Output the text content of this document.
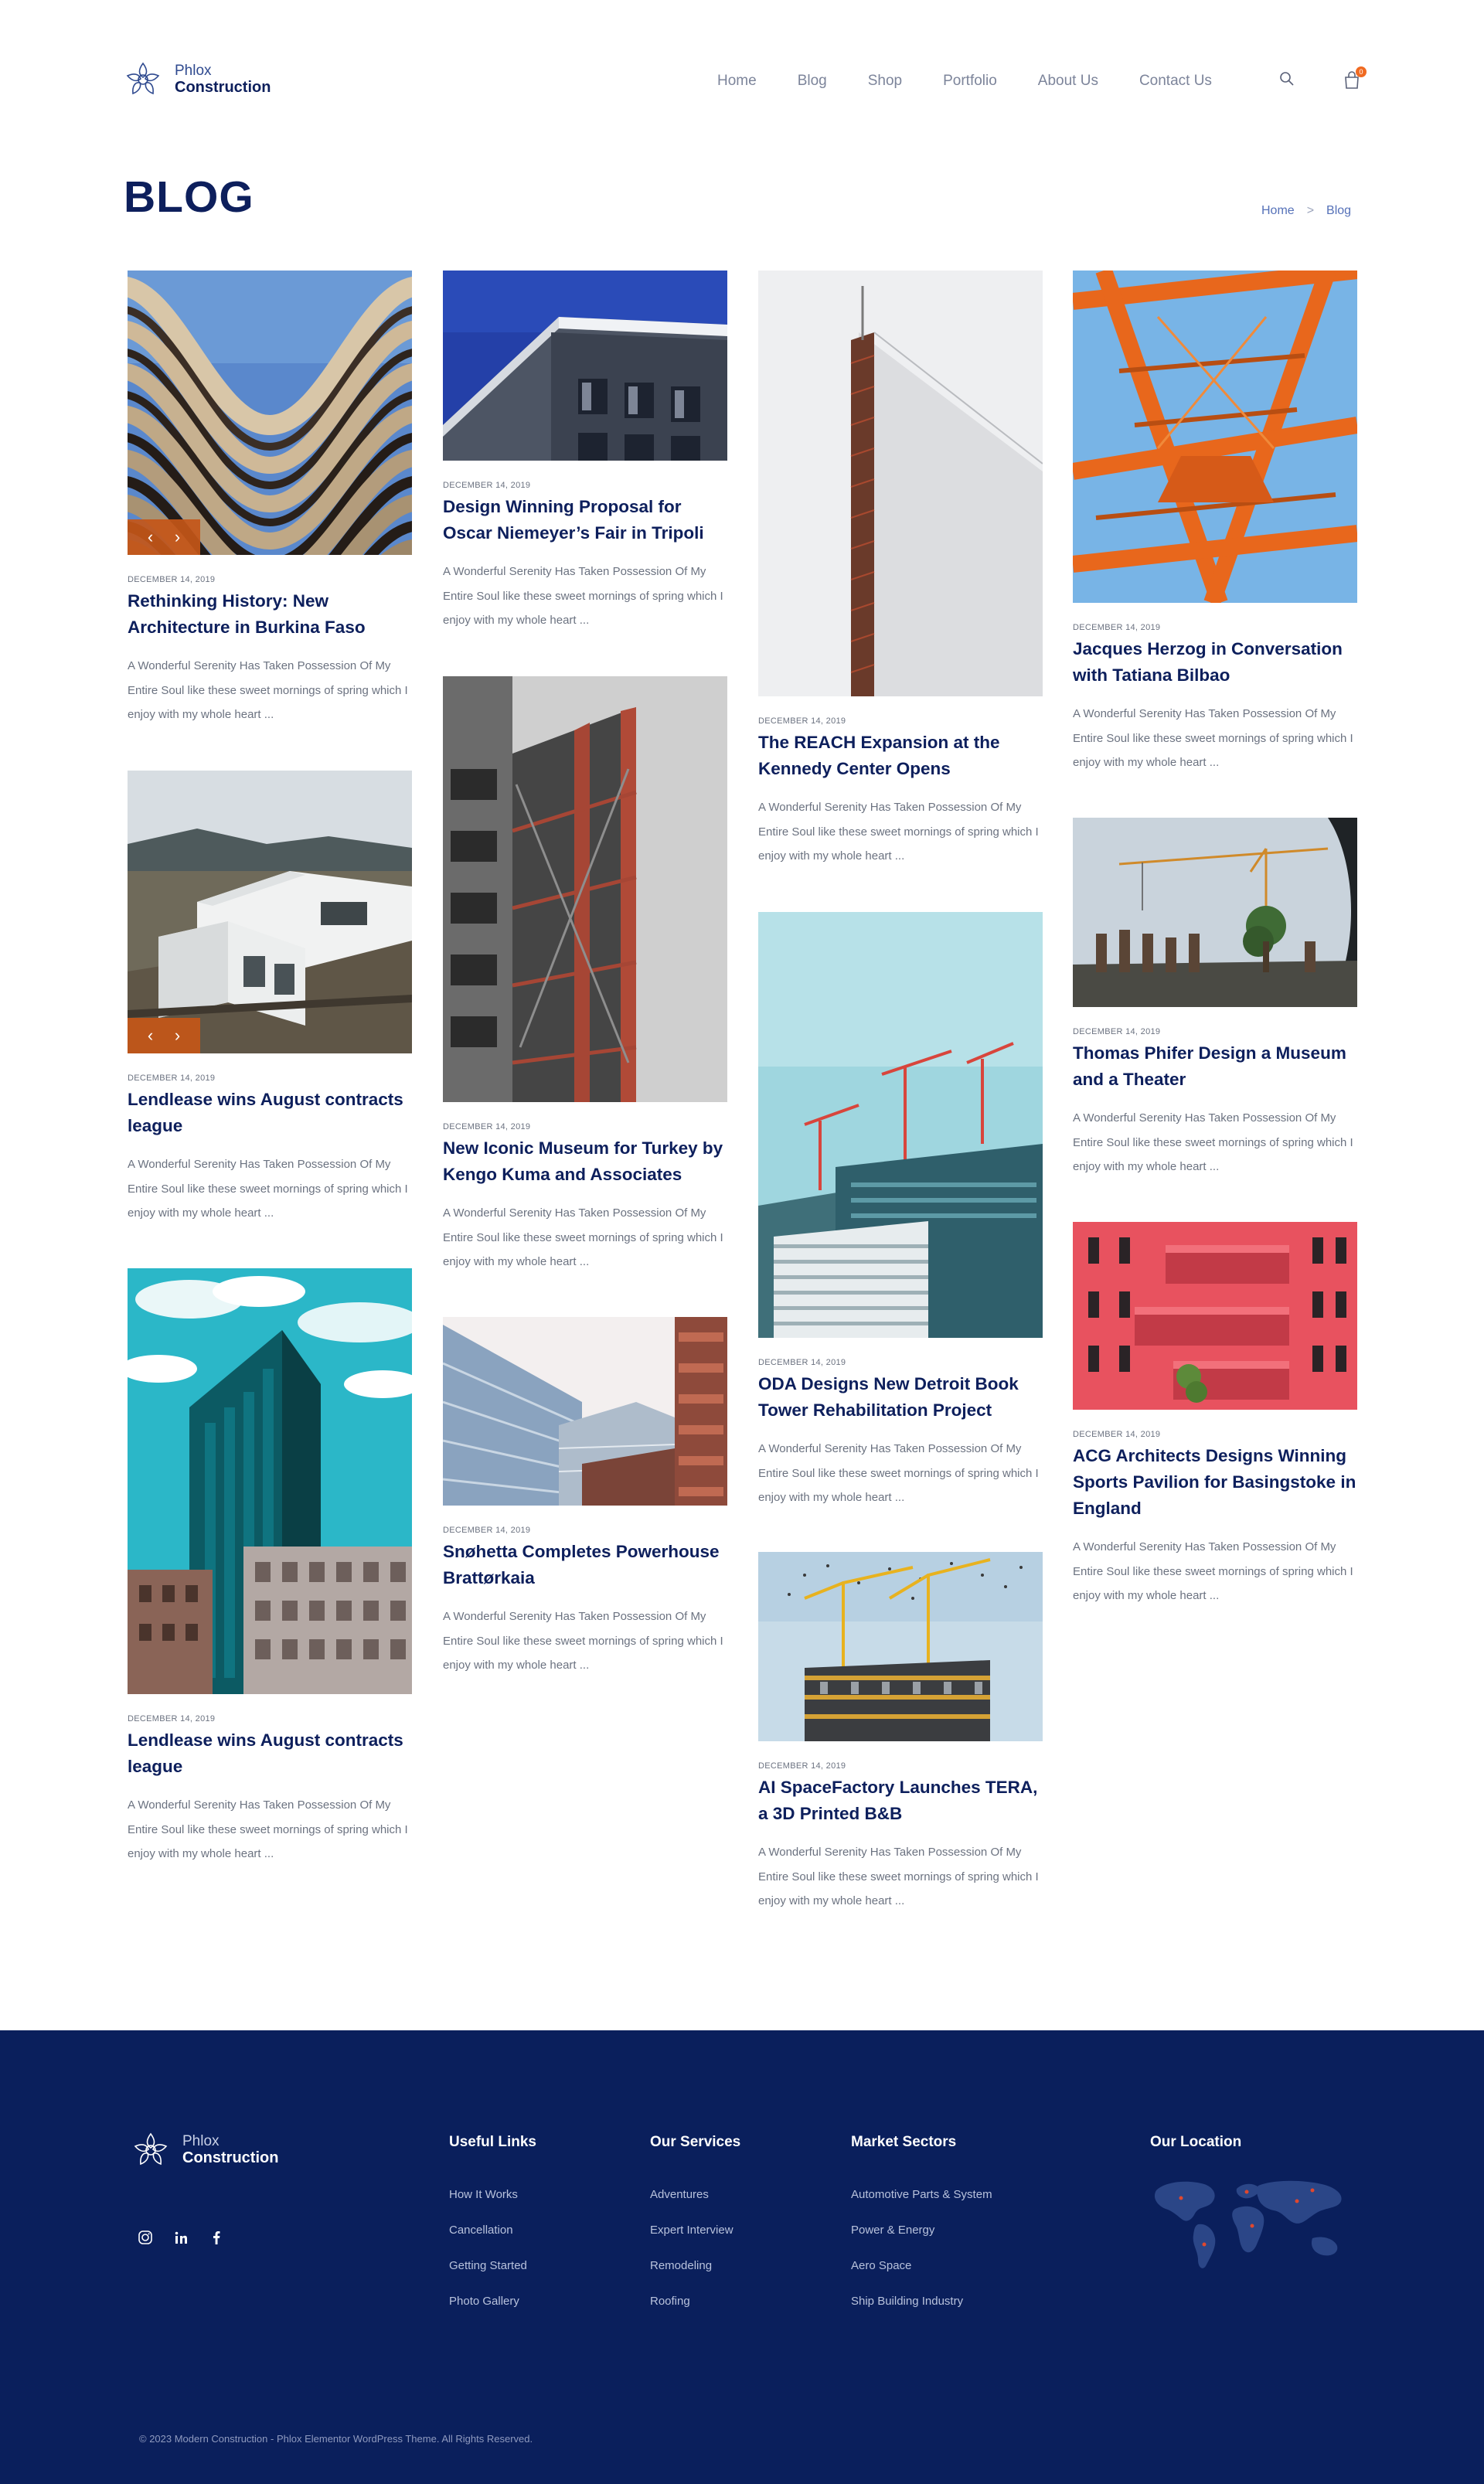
Phlox
Construction	Home	Blog	Shop	Portfolio	About Us	Contact Us
0
BLOG	Home > Blog
‹ ›
DECEMBER 14, 2019
Rethinking History: New Architecture in Burkina Faso

A Wonderful Serenity Has Taken Possession Of My Entire Soul like these sweet mornings of spring which I enjoy with my whole heart ...

‹ ›
DECEMBER 14, 2019
Lendlease wins August contracts league

A Wonderful Serenity Has Taken Possession Of My Entire Soul like these sweet mornings of spring which I enjoy with my whole heart ...

DECEMBER 14, 2019
Lendlease wins August contracts league

A Wonderful Serenity Has Taken Possession Of My Entire Soul like these sweet mornings of spring which I enjoy with my whole heart ...

DECEMBER 14, 2019
Design Winning Proposal for Oscar Niemeyer’s Fair in Tripoli

A Wonderful Serenity Has Taken Possession Of My Entire Soul like these sweet mornings of spring which I enjoy with my whole heart ...

DECEMBER 14, 2019
New Iconic Museum for Turkey by Kengo Kuma and Associates

A Wonderful Serenity Has Taken Possession Of My Entire Soul like these sweet mornings of spring which I enjoy with my whole heart ...

DECEMBER 14, 2019
Snøhetta Completes Powerhouse Brattørkaia

A Wonderful Serenity Has Taken Possession Of My Entire Soul like these sweet mornings of spring which I enjoy with my whole heart ...

DECEMBER 14, 2019
The REACH Expansion at the Kennedy Center Opens

A Wonderful Serenity Has Taken Possession Of My Entire Soul like these sweet mornings of spring which I enjoy with my whole heart ...

DECEMBER 14, 2019
ODA Designs New Detroit Book Tower Rehabilitation Project

A Wonderful Serenity Has Taken Possession Of My Entire Soul like these sweet mornings of spring which I enjoy with my whole heart ...

DECEMBER 14, 2019
AI SpaceFactory Launches TERA, a 3D Printed B&B

A Wonderful Serenity Has Taken Possession Of My Entire Soul like these sweet mornings of spring which I enjoy with my whole heart ...

DECEMBER 14, 2019
Jacques Herzog in Conversation with Tatiana Bilbao

A Wonderful Serenity Has Taken Possession Of My Entire Soul like these sweet mornings of spring which I enjoy with my whole heart ...

DECEMBER 14, 2019
Thomas Phifer Design a Museum and a Theater

A Wonderful Serenity Has Taken Possession Of My Entire Soul like these sweet mornings of spring which I enjoy with my whole heart ...

DECEMBER 14, 2019
ACG Architects Designs Winning Sports Pavilion for Basingstoke in England

A Wonderful Serenity Has Taken Possession Of My Entire Soul like these sweet mornings of spring which I enjoy with my whole heart ...

Phlox
Construction
Useful Links
How It Works
Cancellation
Getting Started
Photo Gallery
Our Services
Adventures
Expert Interview
Remodeling
Roofing
Market Sectors
Automotive Parts & System
Power & Energy
Aero Space
Ship Building Industry
Our Location
© 2023 Modern Construction - Phlox Elementor WordPress Theme. All Rights Reserved.
